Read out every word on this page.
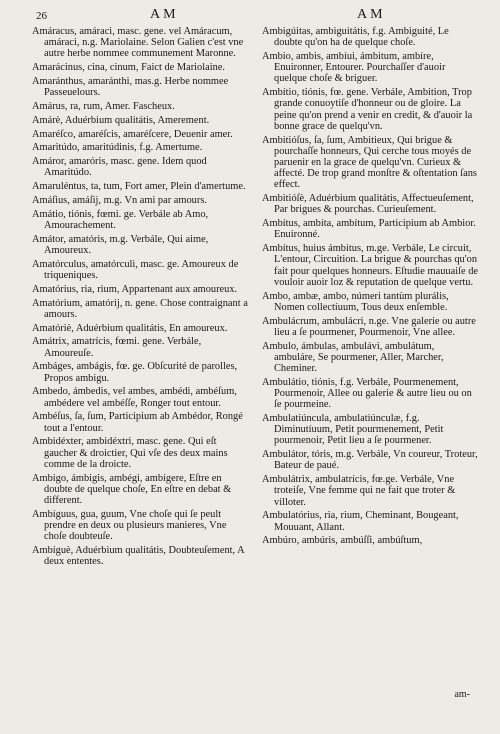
26	AM	AM

Amáracus, amáraci, masc. gene. vel Amáracum, amáraci, n.g. Mariolaine. Selon Galien c'est vne autre herbe nommee communement Maronne.

Amarácinus, cina, cinum, Faict de Mariolaine.

Amaránthus, amaránthi, mas.g. Herbe nommee Passeuelours.

Amárus, ra, rum, Amer. Fascheux.

Amárè, Aduérbium qualitátis, Amerement.

Amaréſco, amaréſcis, amaréſcere, Deuenir amer.

Amaritúdo, amaritúdinis, f.g. Amertume.

Amáror, amaróris, masc. gene. Idem quod Amaritúdo.

Amaruléntus, ta, tum, Fort amer, Plein d'amertume.

Amáſius, amáſij, m.g. Vn ami par amours.

Amátio, tiónis, fœmi. ge. Verbále ab Amo, Amourachement.

Amátor, amatóris, m.g. Verbále, Qui aime, Amoureux.

Amatórculus, amatórculi, masc. ge. Amoureux de triqueniques.

Amatórius, ria, rium, Appartenant aux amoureux.

Amatórium, amatórij, n. gene. Chose contraignant a amours.

Amatóriè, Aduérbium qualitátis, En amoureux.

Amátrix, amatrícis, fœmi. gene. Verbále, Amoureuſe.

Ambáges, ambágis, fœ. ge. Obſcurité de parolles, Propos ambigu.

Ambedo, ámbedis, vel ambes, ambédi, ambéſum, ambédere vel ambéſſe, Ronger tout entour.

Ambéſus, ſa, ſum, Participium ab Ambédor, Rongé tout a l'entour.

Ambidéxter, ambidéxtri, masc. gene. Qui eſt gaucher & droictier, Qui vſe des deux mains comme de la droicte.

Ambigo, ámbigis, ambégi, ambígere, Eſtre en doubte de quelque choſe, En eſtre en debat & different.

Ambíguus, gua, guum, Vne choſe qui ſe peult prendre en deux ou plusieurs manieres, Vne choſe doubteuſe.

Ambíguè, Aduérbium qualitátis, Doubteuſement, A deux ententes.

Ambigúitas, ambiguitátis, f.g. Ambiguité, Le doubte qu'on ha de quelque choſe.

Ambio, ambis, ambíui, ámbitum, ambíre, Enuironner, Entourer. Pourchaſſer d'auoir quelque choſe & briguer.

Ambítio, tiónis, fœ. gene. Verbále, Ambition, Trop grande conuoytiſe d'honneur ou de gloire. La peine qu'on prend a venir en credit, & d'auoir la bonne grace de quelqu'vn.

Ambitióſus, ſa, ſum, Ambitieux, Qui brigue & pourchaſſe honneurs, Qui cerche tous moyés de paruenir en la grace de quelqu'vn. Curieux & affecté. De trop grand monſtre & oſtentation ſans effect.

Ambitióſè, Aduérbium qualitátis, Affectueuſement, Par brigues & pourchas. Curieuſement.

Ambítus, ambíta, ambítum, Participium ab Ambior. Enuironné.

Ambítus, huius ámbitus, m.ge. Verbále, Le circuit, L'entour, Circuition. La brigue & pourchas qu'on fait pour quelques honneurs. Eſtudie mauuaiſe de vouloir auoir loz & reputation de quelque vertu.

Ambo, ambæ, ambo, númeri tantùm plurális, Nomen collectíuum, Tous deux enſemble.

Ambulácrum, ambulácri, n.ge. Vne galerie ou autre lieu a ſe pourmener, Pourmenoir, Vne allee.

Ambulo, ámbulas, ambulávi, ambulátum, ambuláre, Se pourmener, Aller, Marcher, Cheminer.

Ambulátio, tiónis, f.g. Verbále, Pourmenement, Pourmenoir, Allee ou galerie & autre lieu ou on ſe pourmeine.

Ambulatiúncula, ambulatiúnculæ, f.g. Diminutíuum, Petit pourmenement, Petit pourmenoir, Petit lieu a ſe pourmener.

Ambulátor, tóris, m.g. Verbále, Vn coureur, Troteur, Bateur de paué.

Ambulátrix, ambulatrícis, fœ.ge. Verbále, Vne troteiſe, Vne femme qui ne fait que troter & villoter.

Ambulatórius, ria, rium, Cheminant, Bougeant, Mouuant, Allant.

Ambúro, ambúris, ambúſſi, ambúſtum,

am-
